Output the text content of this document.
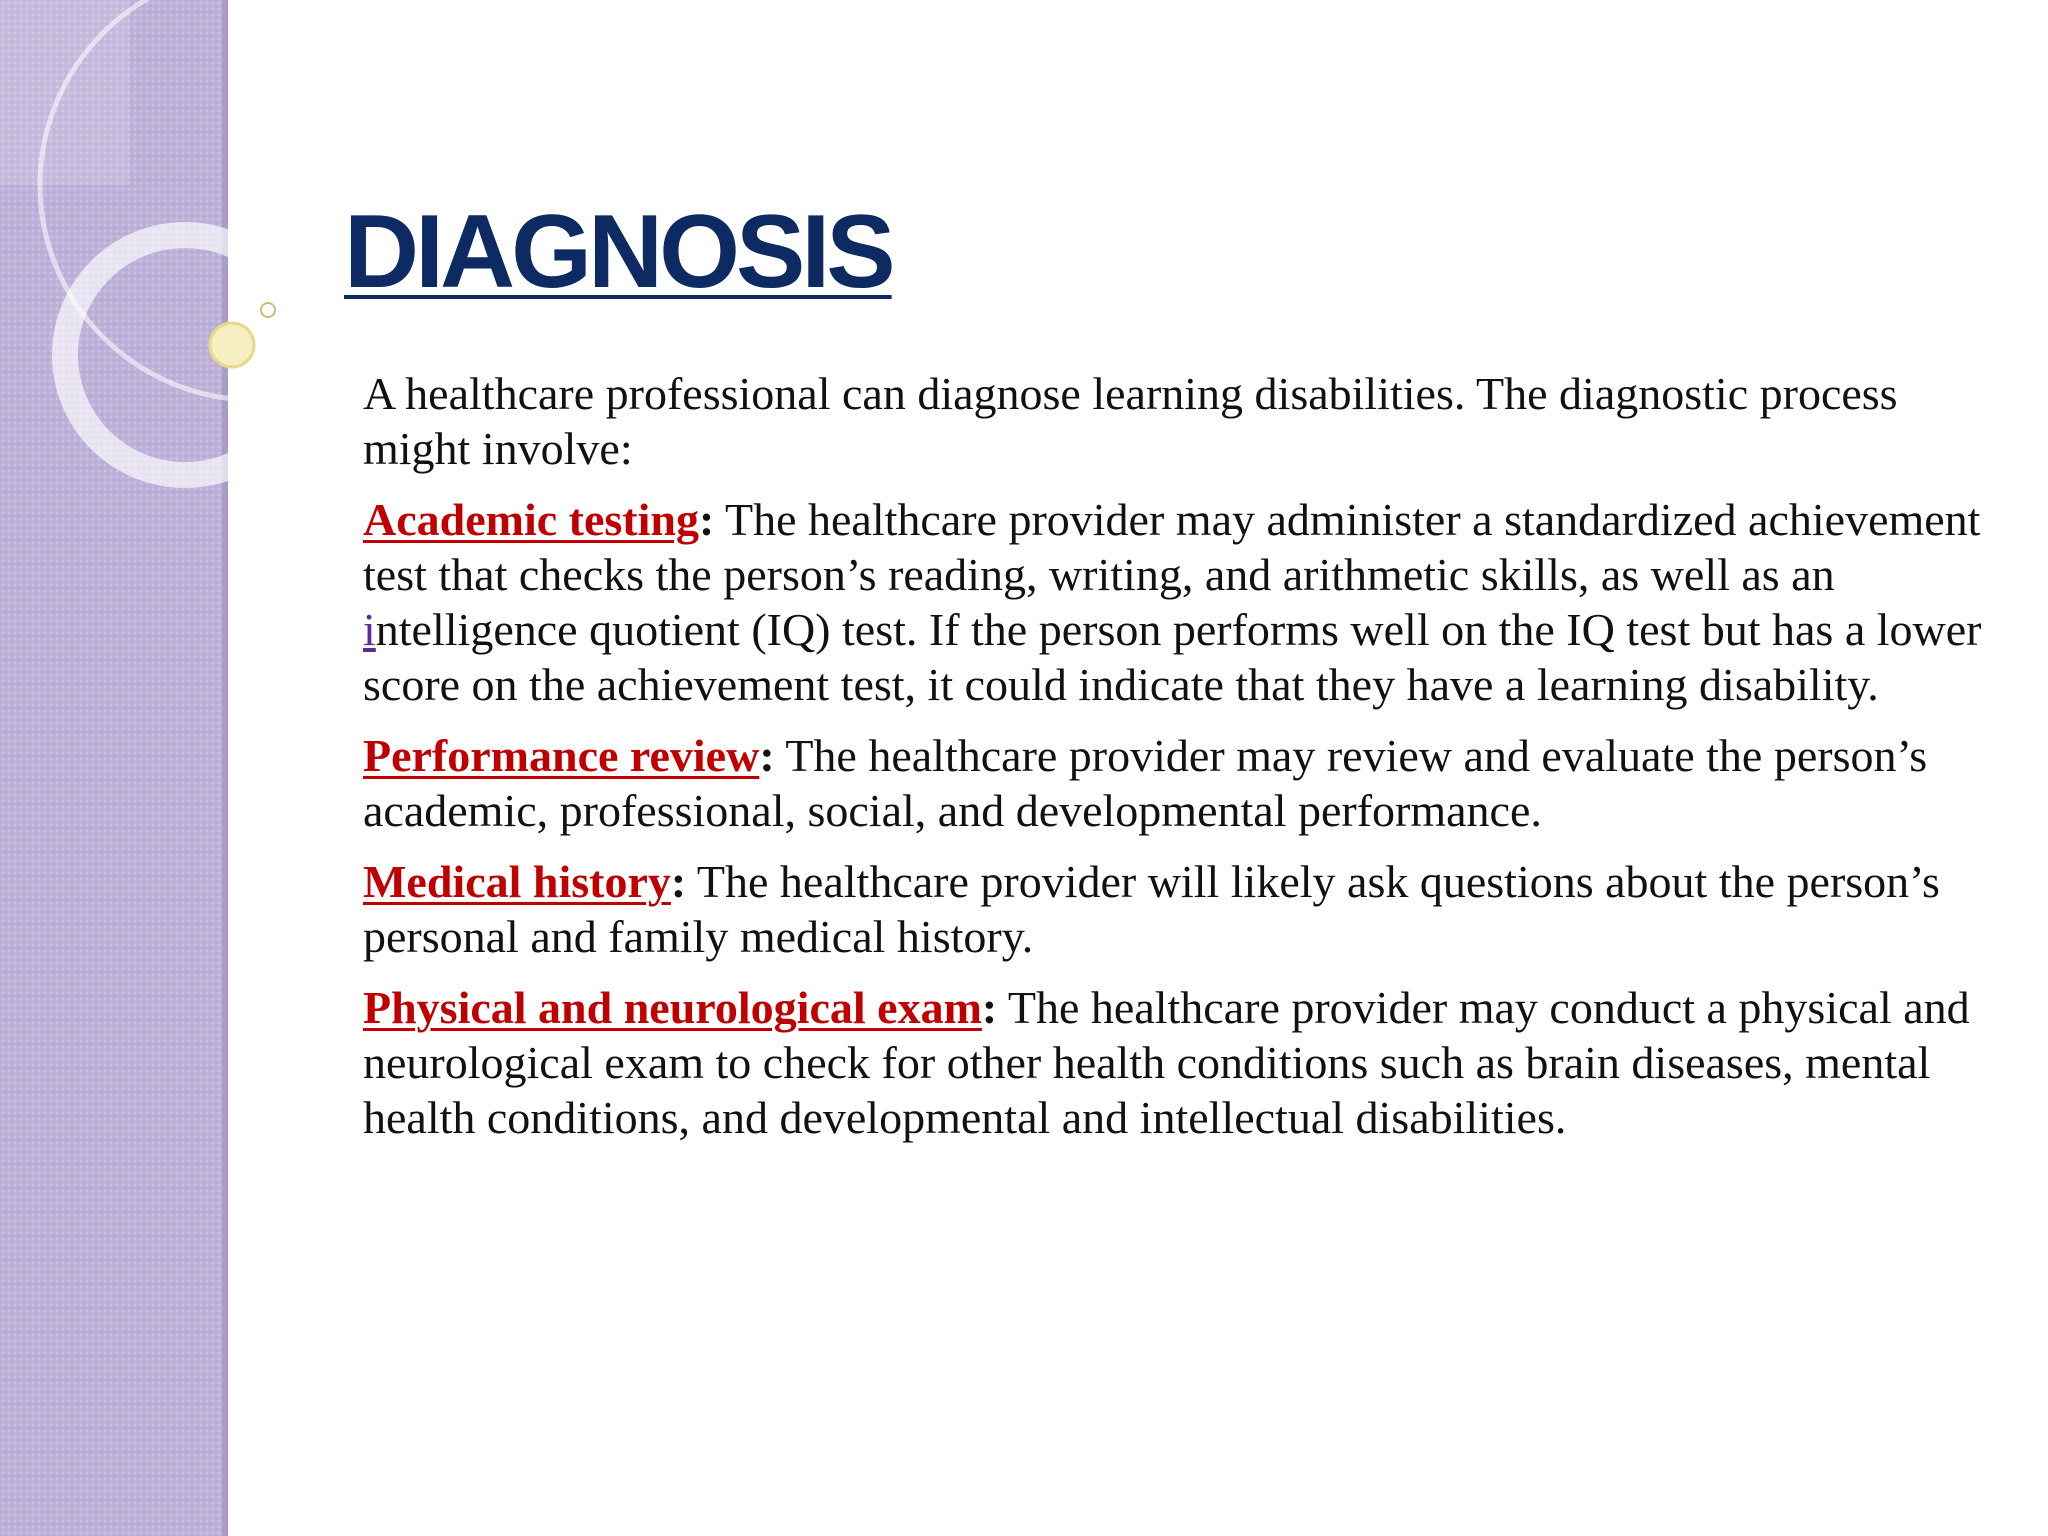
DIAGNOSIS

A healthcare professional can diagnose learning disabilities. The diagnostic process might involve:

Academic testing: The healthcare provider may administer a standardized achievement test that checks the person’s reading, writing, and arithmetic skills, as well as an intelligence quotient (IQ) test. If the person performs well on the IQ test but has a lower score on the achievement test, it could indicate that they have a learning disability.

Performance review: The healthcare provider may review and evaluate the person’s academic, professional, social, and developmental performance.

Medical history: The healthcare provider will likely ask questions about the person’s personal and family medical history.

Physical and neurological exam: The healthcare provider may conduct a physical and neurological exam to check for other health conditions such as brain diseases, mental health conditions, and developmental and intellectual disabilities.
